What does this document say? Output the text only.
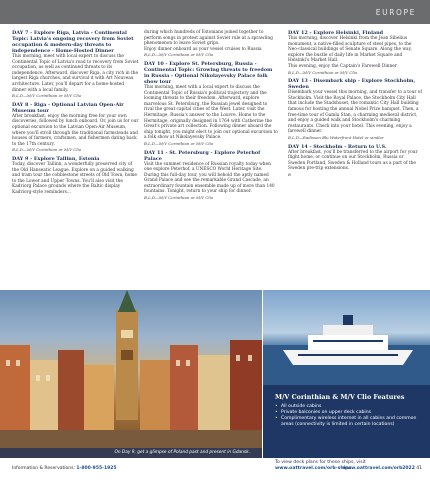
EUROPE
DAY 7 - Explore Riga, Latvia - Continental Topic: Latvia's ongoing recovery from Soviet occupation & modern-day threats to independence - Home-Hosted Dinner
This morning, meet with local expert to discuss the Continental Topic of Latvia's road to recovery from Soviet occupation, as well as continued threats to its independence. Afterward, discover Riga, a city rich in the largest Riga churches, and survival it with Art Nouveau architecture. Later, you'll depart for a home-hosted dinner with a local family.
B,L,D—M/V Corinthian or M/V Clio
DAY 8 - Riga - Optional Latvian Open-Air Museum tour
After breakfast, enjoy the morning free for your own discoveries, followed by lunch onboard. Or, join us for our optional excursion to the Latvian Open-Air Museum, where you'll stroll through the traditional farmsteads and houses of farmers, craftsmen, and fishermen dating back to the 17th century.
B,L,D—M/V Corinthian or M/V Clio
DAY 9 - Explore Tallinn, Estonia
Today, discover Tallinn, a wonderfully preserved city of the Old Hanseatic League. Explore on a guided walking and tram tour the cobblestone streets of Old Town, home to the Lower and Upper Towns. You'll also visit the Kadriorg Palace grounds where the Baltic display Kadriorg-style reminders...
during which hundreds of Estonians joined together to perform songs in protest against Soviet rule at a sprawling phenomenon to leave Soviet grips.
Enjoy dinner onboard as your vessel cruises to Russia
B,L,D—M/V Corinthian or M/V Clio
DAY 10 - Explore St. Petersburg, Russia - Continental Topic: Growing threats to freedom in Russia - Optional Nikolayevsky Palace folk show tour
This morning, meet with a local expert to discuss the Continental Topic of Russia's political trajectory and the looming threats to their freedom. Afterward, explore marvelous St. Petersburg, the Russian jewel designed to rival the great capital cities of the West. Later, visit the Hermitage, Russia's answer to the Louvre. Home to the Hermitage, originally designed in 1764 with Catherine the Great's private art collection. Following dinner aboard the ship tonight, you might elect to join our optional excursion to a folk show at Nikolayevsky Palace.
B,L,D—M/V Corinthian or M/V Clio
DAY 11 - St. Petersburg - Explore Peterhof Palace
Visit the summer residence of Russian royalty today when one explore Peterhof, a UNESCO World Heritage Site. During this full-day tour, you will behold the aptly named Grand Palace and see the remarkable Grand Cascade, an extraordinary fountain ensemble made up of more than 140 fountains. Tonight, return to your ship for dinner.
B,L,D—M/V Corinthian or M/V Clio
DAY 12 - Explore Helsinki, Finland
This morning, discover Helsinki from the Jean Sibelius monument, a native-filled sculpture of steel pipes, to the Neo-classical buildings of Senate Square. Along the way, explore the bustle of daily life in Market Square and Helsinki's Market Hall.
This evening, enjoy the Captain's Farewell Dinner
B,L,D—M/V Corinthian or M/V Clio
DAY 13 - Disembark ship - Explore Stockholm, Sweden
Disembark your vessel this morning, and transfer to a tour of Stockholm. Visit the Royal Palace, the Stockholm City Hall that include the Stadshuset, the romantic City Hall building famous for hosting the annual Nobel Prize banquet. Then, a free-time tour of Gamla Stan, a charming medieval district, and enjoy a guided walk and Stockholm's charming restaurants. Check into your hotel. This evening, enjoy a farewell dinner.
B,L,D—Radisson Blu Waterfront Hotel or similar
DAY 14 - Stockholm - Return to U.S.
After breakfast, you'll be transferred to the airport for your flight home, or continue on our Stockholm, Russia or Sweden Portland, Sweden & Holland tours as a part of the Sweden pre-trip extensions.
B
On Day 9, get a glimpse of Poland past and present in Gdansk.
M/V Corinthian & M/V Clio Features
• All outside cabins
• Private balconies on upper deck cabins
• Complimentary wireless internet in all cabins and common areas (connectivity is limited in certain locations)
To view deck plans for these ships, visit
www.oattravel.com/orb-ships
Information & Reservations: 1-800-955-1925	www.oattravel.com/orb2022 41
